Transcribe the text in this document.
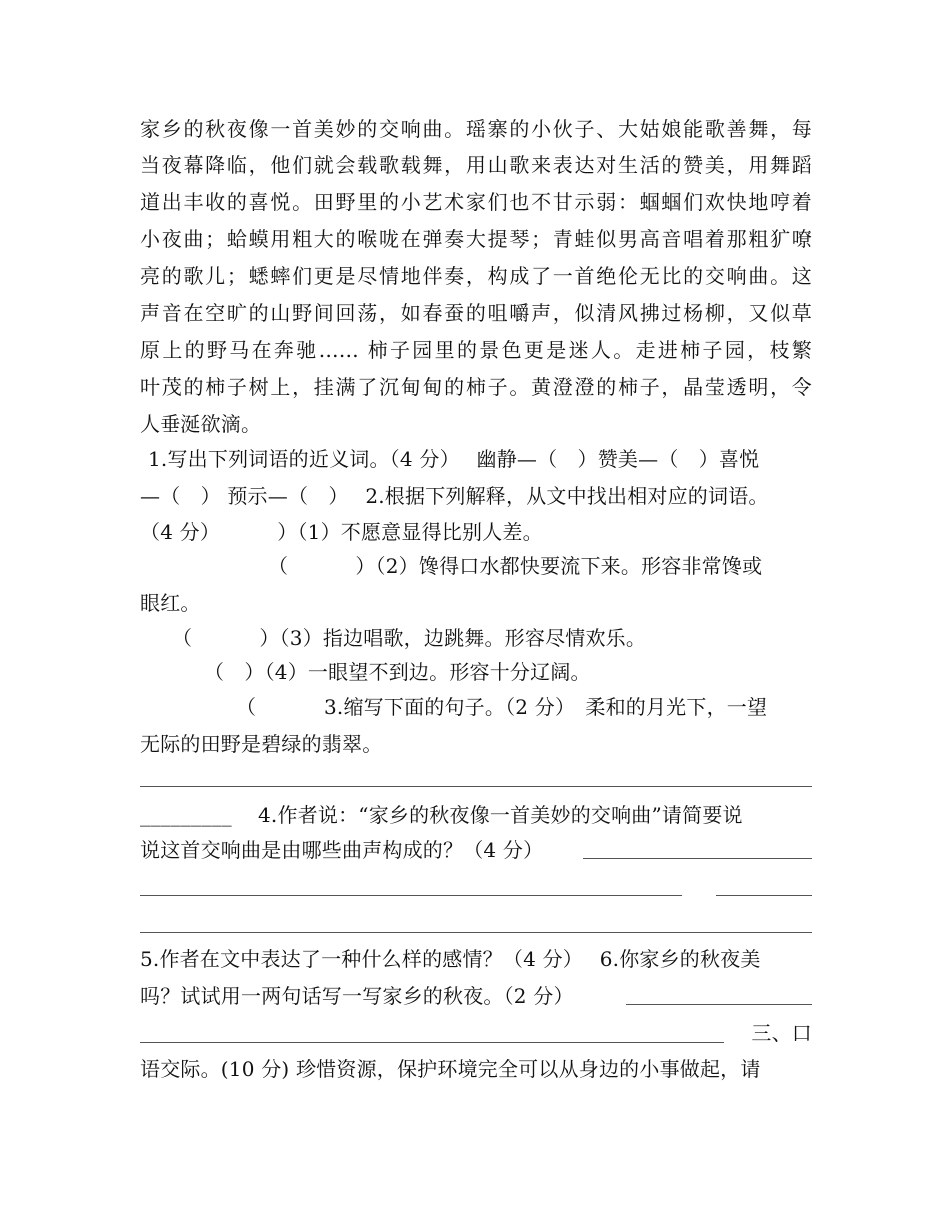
家乡的秋夜像一首美妙的交响曲。瑶寨的小伙子、大姑娘能歌善舞，每
当夜幕降临，他们就会载歌载舞，用山歌来表达对生活的赞美，用舞蹈
道出丰收的喜悦。田野里的小艺术家们也不甘示弱：蝈蝈们欢快地哼着
小夜曲；蛤蟆用粗大的喉咙在弹奏大提琴；青蛙似男高音唱着那粗犷嘹
亮的歌儿；蟋蟀们更是尽情地伴奏，构成了一首绝伦无比的交响曲。这
声音在空旷的山野间回荡，如春蚕的咀嚼声，似清风拂过杨柳，又似草
原上的野马在奔驰…… 柿子园里的景色更是迷人。走进柿子园，枝繁
叶茂的柿子树上，挂满了沉甸甸的柿子。黄澄澄的柿子，晶莹透明，令
人垂涎欲滴。
1.写出下列词语的近义词。（4 分）　 幽静—（　）赞美—（　）喜悦
—（　） 预示—（　）　 2.根据下列解释，从文中找出相对应的词语。
（4 分）　　　 ）（1）不愿意显得比别人差。
（　　　 ）（2）馋得口水都快要流下来。形容非常馋或
眼红。
（　　　 ）（3）指边唱歌，边跳舞。形容尽情欢乐。
（　）（4）一眼望不到边。形容十分辽阔。
（	3.缩写下面的句子。（2 分）　柔和的月光下，一望
无际的田野是碧绿的翡翠。
_________	4.作者说：“家乡的秋夜像一首美妙的交响曲”请简要说
说这首交响曲是由哪些曲声构成的？（4 分）
5.作者在文中表达了一种什么样的感情？（4 分）　 6.你家乡的秋夜美
吗？试试用一两句话写一写家乡的秋夜。（2 分）
三、口
语交际。(10 分) 珍惜资源，保护环境完全可以从身边的小事做起，请
